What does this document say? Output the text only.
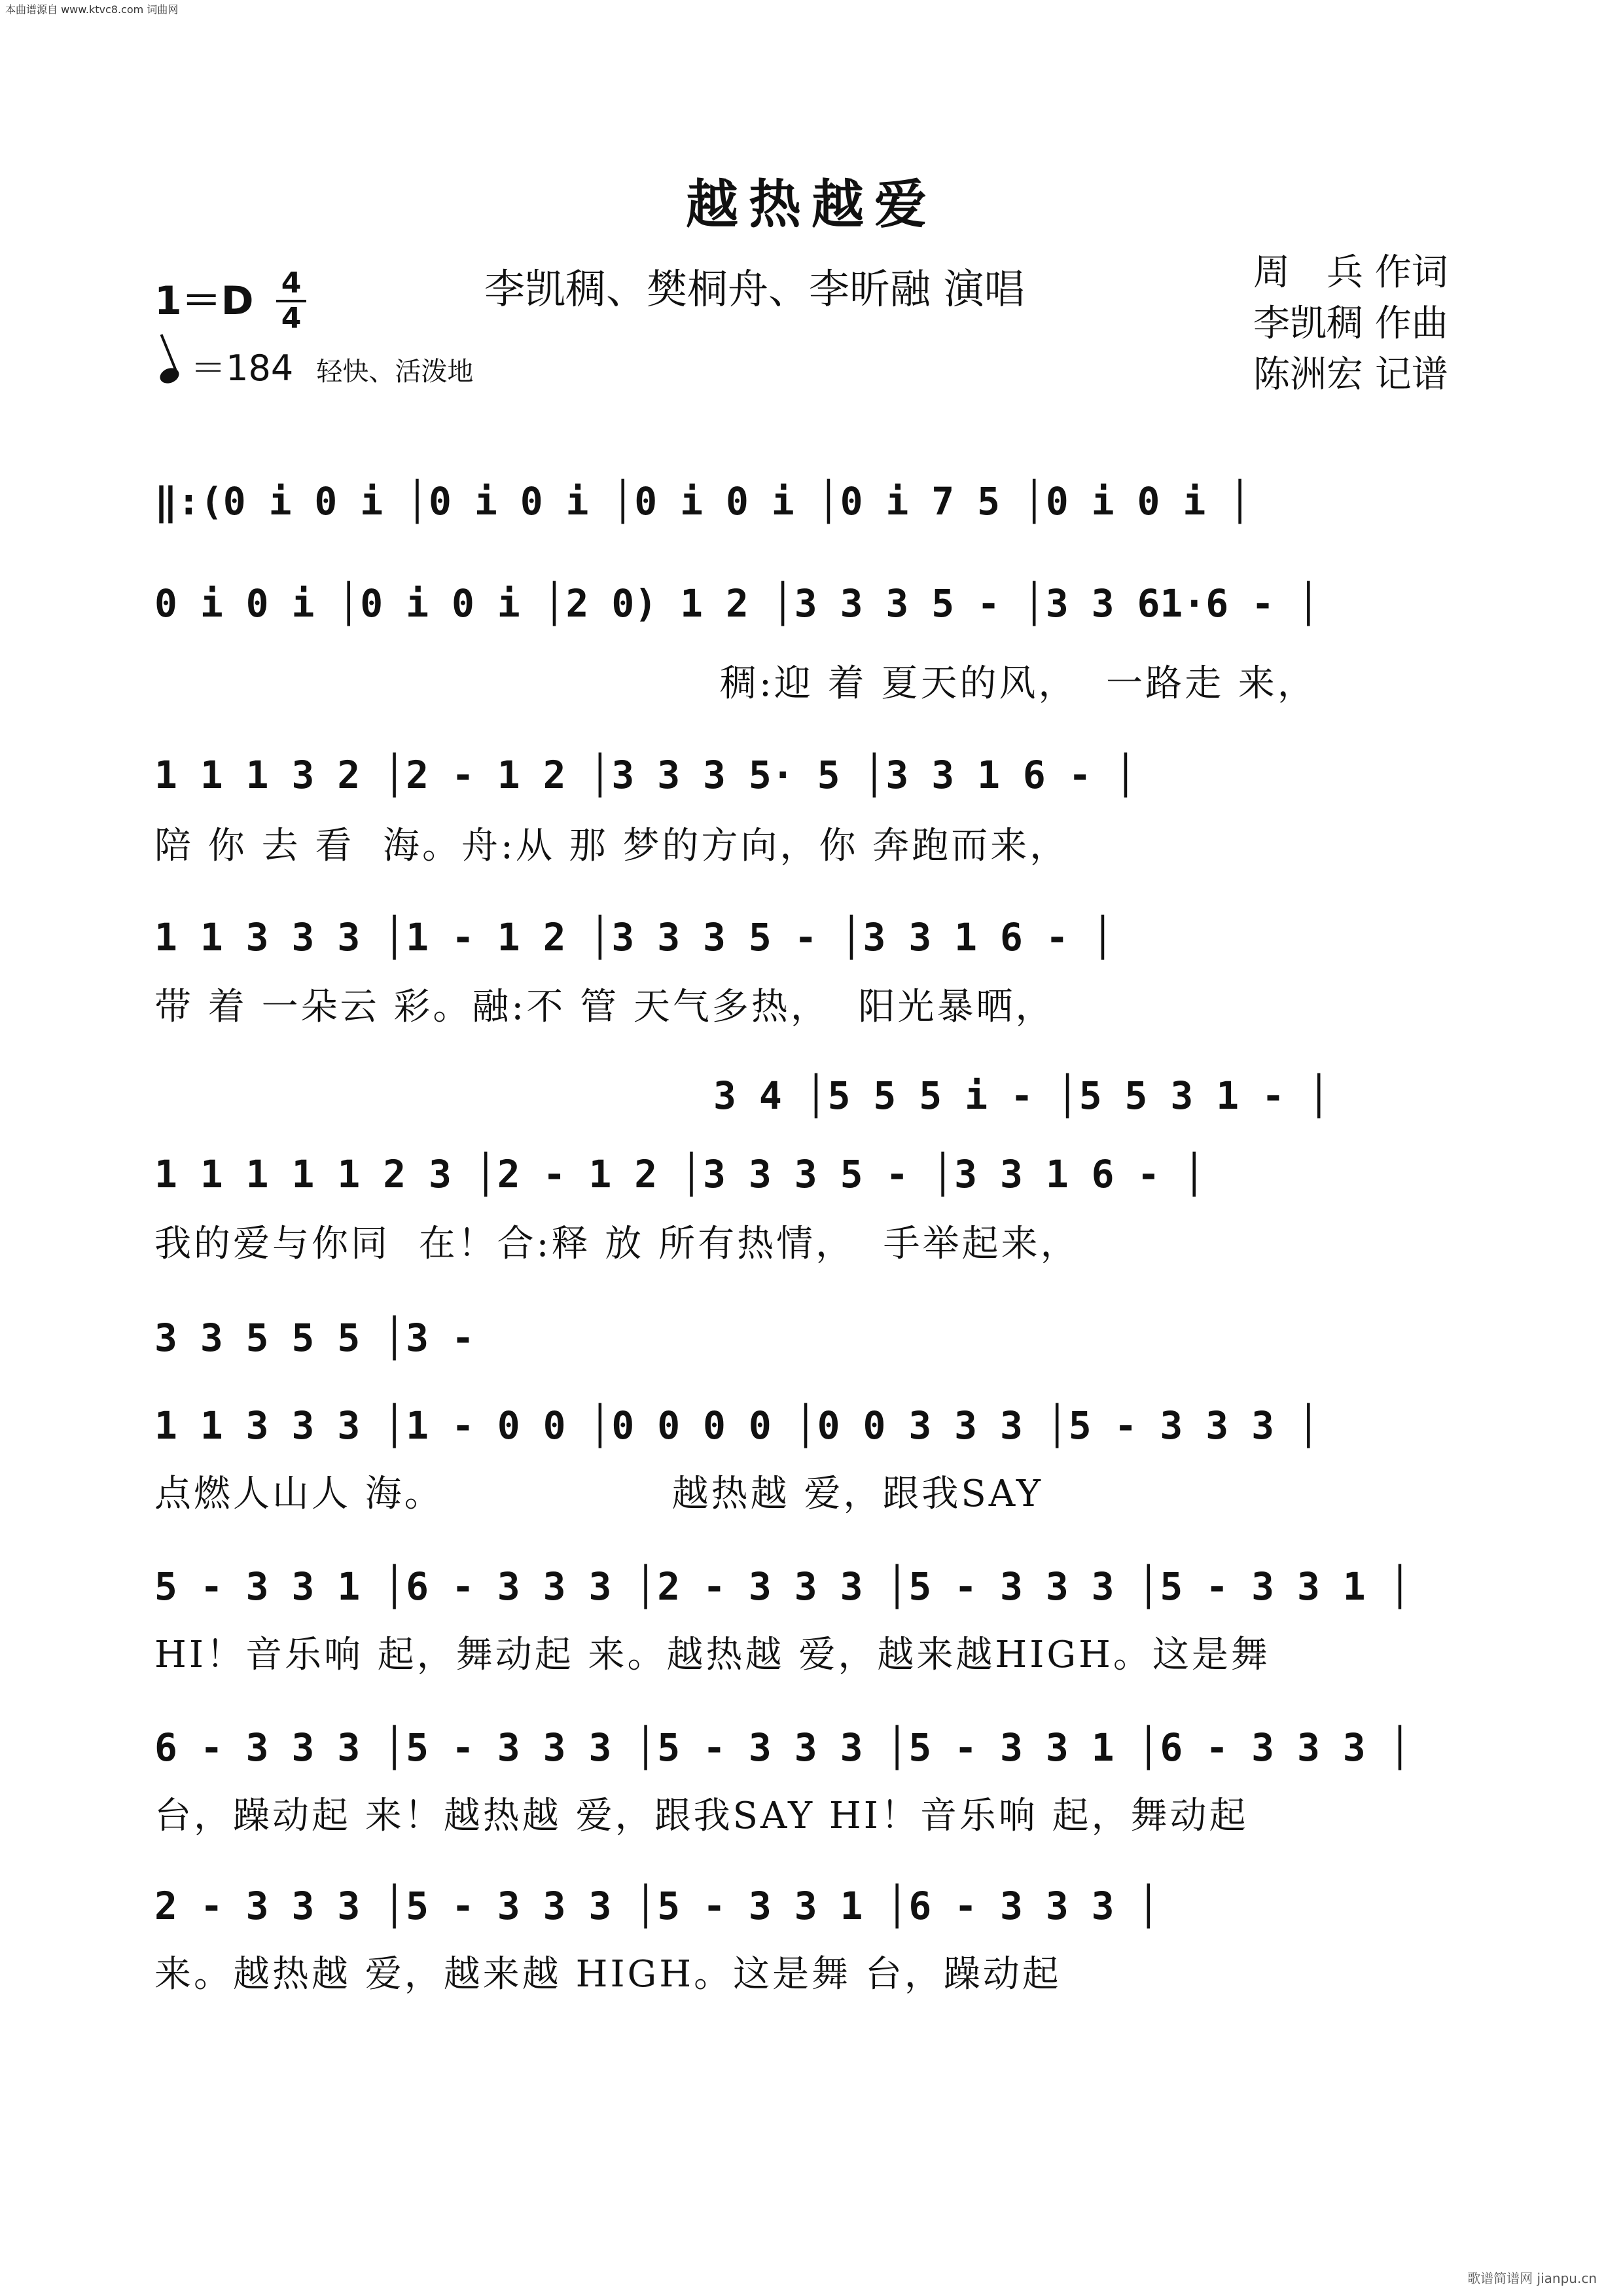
本曲谱源自 www.ktvc8.com 词曲网
越热越爱
李凯稠、樊桐舟、李昕融 演唱	周　兵 作词
李凯稠 作曲
陈洲宏 记谱
1＝D 4
4
＝184 轻快、活泼地
‖:(0 i 0 i │0 i 0 i │0 i 0 i │0 i 7 5 │0 i 0 i │
0 i 0 i │0 i 0 i │2 0) 1 2 │3 3 3 5 - │3 3 61·6 - │
稠:迎 着 夏天的风，  一路走 来，
1 1 1 3 2 │2 - 1 2 │3 3 3 5· 5 │3 3 1 6 - │
陪 你 去 看  海。舟:从 那 梦的方向，你 奔跑而来，
1 1 3 3 3 │1 - 1 2 │3 3 3 5 - │3 3 1 6 - │
带 着 一朵云 彩。融:不 管 天气多热，  阳光暴晒，
3 4 │5 5 5 i - │5 5 3 1 - │
1 1 1 1 1 2 3 │2 - 1 2 │3 3 3 5 - │3 3 1 6 - │
我的爱与你同  在！合:释 放 所有热情，  手举起来，
3 3 5 5 5 │3 -
1 1 3 3 3 │1 - 0 0 │0 0 0 0 │0 0 3 3 3 │5 - 3 3 3 │
点燃人山人 海。                越热越 爱，跟我SAY
5 - 3 3 1 │6 - 3 3 3 │2 - 3 3 3 │5 - 3 3 3 │5 - 3 3 1 │
HI！音乐响 起，舞动起 来。越热越 爱，越来越HIGH。这是舞
6 - 3 3 3 │5 - 3 3 3 │5 - 3 3 3 │5 - 3 3 1 │6 - 3 3 3 │
台，躁动起 来！越热越 爱，跟我SAY HI！音乐响 起，舞动起
2 - 3 3 3 │5 - 3 3 3 │5 - 3 3 1 │6 - 3 3 3 │
来。越热越 爱，越来越 HIGH。这是舞 台，躁动起
歌谱简谱网 jianpu.cn
